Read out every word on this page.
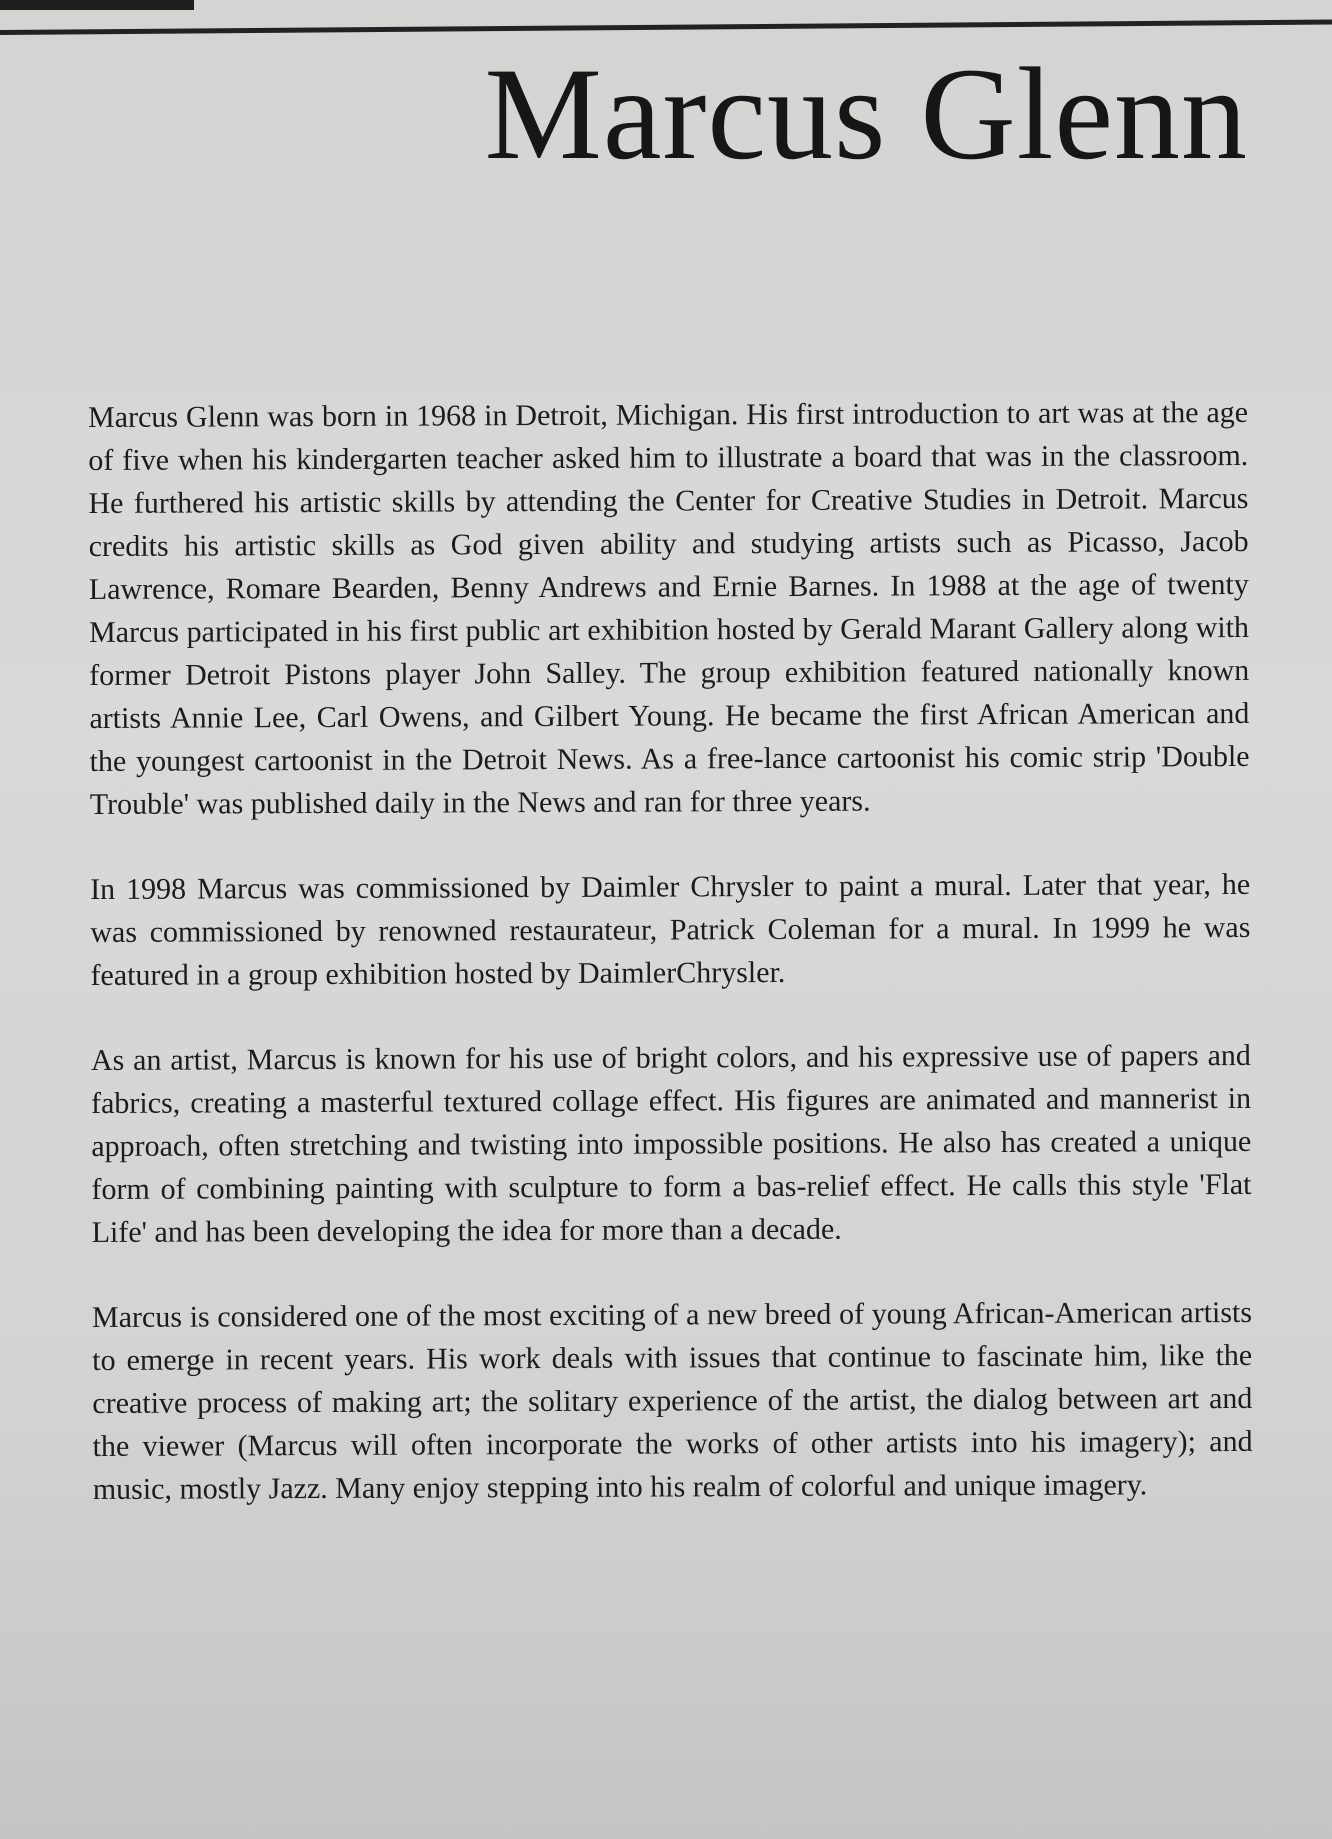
Marcus Glenn

Marcus Glenn was born in 1968 in Detroit, Michigan. His first introduction to art was at the age of five when his kindergarten teacher asked him to illustrate a board that was in the classroom. He furthered his artistic skills by attending the Center for Creative Studies in Detroit. Marcus credits his artistic skills as God given ability and studying artists such as Picasso, Jacob Lawrence, Romare Bearden, Benny Andrews and Ernie Barnes. In 1988 at the age of twenty Marcus participated in his first public art exhibition hosted by Gerald Marant Gallery along with former Detroit Pistons player John Salley. The group exhibition featured nationally known artists Annie Lee, Carl Owens, and Gilbert Young. He became the first African American and the youngest cartoonist in the Detroit News. As a free-lance cartoonist his comic strip 'Double Trouble' was published daily in the News and ran for three years.

In 1998 Marcus was commissioned by Daimler Chrysler to paint a mural. Later that year, he was commissioned by renowned restaurateur, Patrick Coleman for a mural. In 1999 he was featured in a group exhibition hosted by DaimlerChrysler.

As an artist, Marcus is known for his use of bright colors, and his expressive use of papers and fabrics, creating a masterful textured collage effect. His figures are animated and mannerist in approach, often stretching and twisting into impossible positions. He also has created a unique form of combining painting with sculpture to form a bas-relief effect. He calls this style 'Flat Life' and has been developing the idea for more than a decade.

Marcus is considered one of the most exciting of a new breed of young African-American artists to emerge in recent years. His work deals with issues that continue to fascinate him, like the creative process of making art; the solitary experience of the artist, the dialog between art and the viewer (Marcus will often incorporate the works of other artists into his imagery); and music, mostly Jazz. Many enjoy stepping into his realm of colorful and unique imagery.
